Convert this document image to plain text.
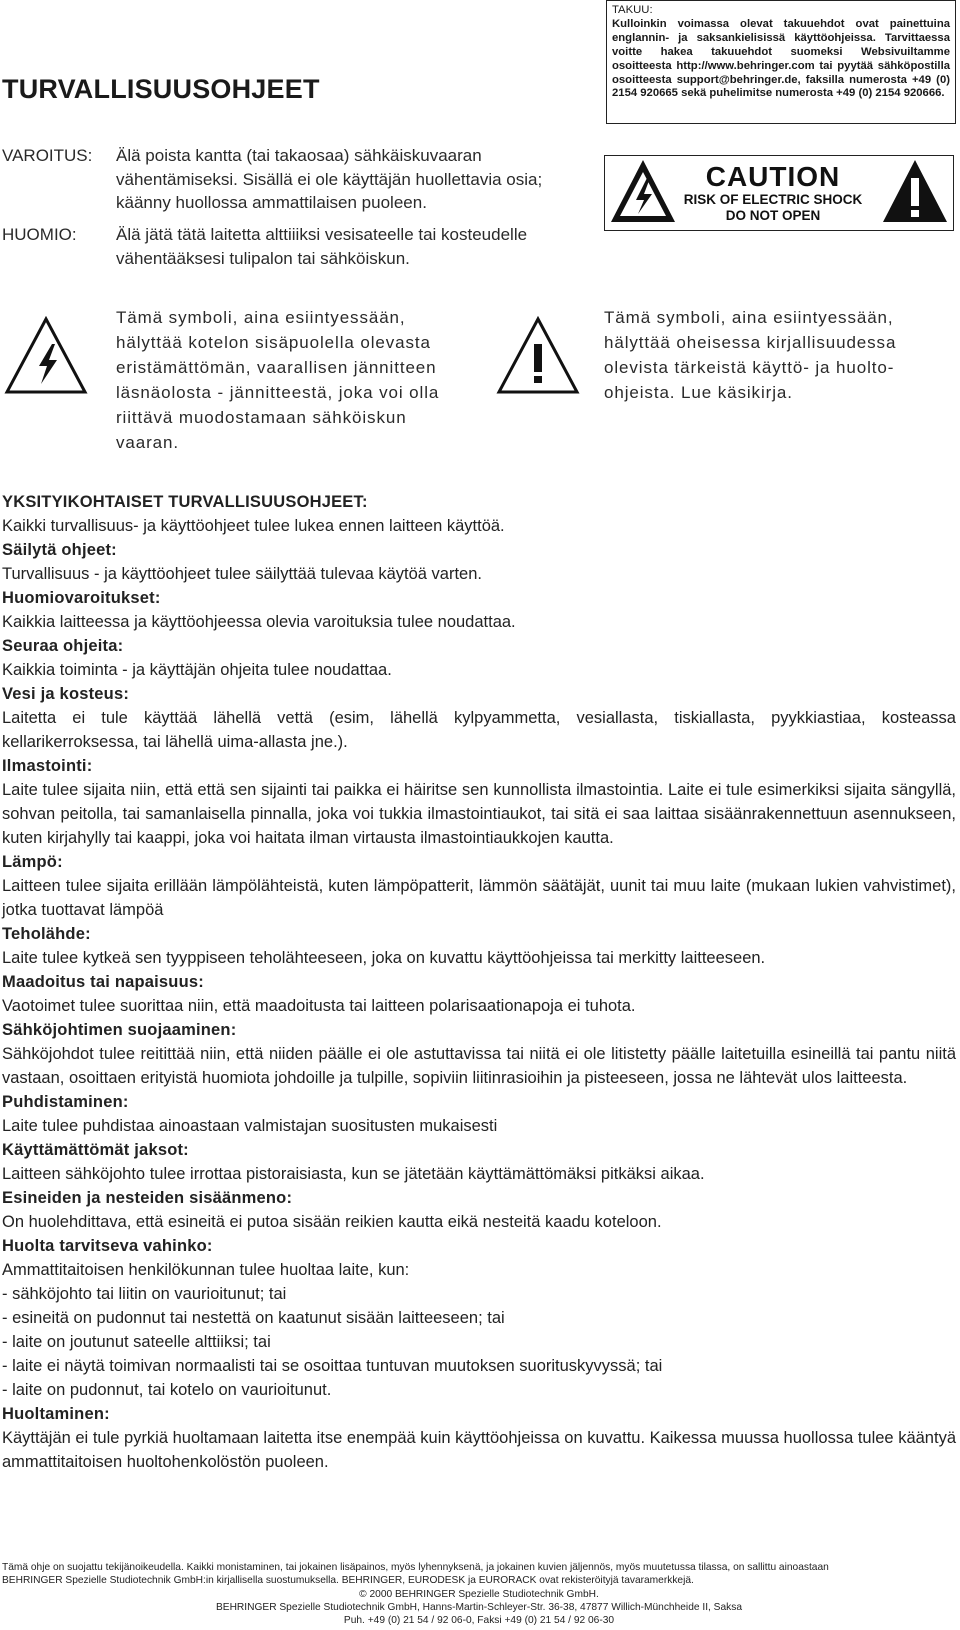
TURVALLISUUSOHJEET
TAKUU:
Kulloinkin voimassa olevat takuuehdot ovat painettuina englannin- ja saksankielisissä käyttöohjeissa. Tarvittaessa voitte hakea takuuehdot suomeksi Websivuiltamme osoitteesta http://www.behringer.com tai pyytää sähköpostilla osoitteesta support@behringer.de, faksilla numerosta +49 (0) 2154 920665 sekä puhelimitse numerosta +49 (0) 2154 920666.
VAROITUS: Älä poista kantta (tai takaosaa) sähkäiskuvaaran vähentämiseksi. Sisällä ei ole käyttäjän huollettavia osia; käänny huollossa ammattilaisen puoleen.
HUOMIO: Älä jätä tätä laitetta alttiiiksi vesisateelle tai kosteudelle vähentääksesi tulipalon tai sähköiskun.
CAUTION
RISK OF ELECTRIC SHOCK
DO NOT OPEN
Tämä symboli, aina esiintyessään, hälyttää kotelon sisäpuolella olevasta eristämättömän, vaarallisen jännitteen läsnäolosta - jännitteestä, joka voi olla riittävä muodostamaan sähköiskun vaaran.
Tämä symboli, aina esiintyessään, hälyttää oheisessa kirjallisuudessa olevista tärkeistä käyttö- ja huolto-ohjeista. Lue käsikirja.
YKSITYIKOHTAISET TURVALLISUUSOHJEET:

Kaikki turvallisuus- ja käyttöohjeet tulee lukea ennen laitteen käyttöä.

Säilytä ohjeet:

Turvallisuus - ja käyttöohjeet tulee säilyttää tulevaa käytöä varten.

Huomiovaroitukset:

Kaikkia laitteessa ja käyttöohjeessa olevia varoituksia tulee noudattaa.

Seuraa ohjeita:

Kaikkia toiminta - ja käyttäjän ohjeita tulee noudattaa.

Vesi ja kosteus:

Laitetta ei tule käyttää lähellä vettä (esim, lähellä kylpyammetta, vesiallasta, tiskiallasta, pyykkiastiaa, kosteassa kellarikerroksessa, tai lähellä uima-allasta jne.).

Ilmastointi:

Laite tulee sijaita niin, että että sen sijainti tai paikka ei häiritse sen kunnollista ilmastointia. Laite ei tule esimerkiksi sijaita sängyllä, sohvan peitolla, tai samanlaisella pinnalla, joka voi tukkia ilmastointiaukot, tai sitä ei saa laittaa sisäänrakennettuun asennukseen, kuten kirjahylly tai kaappi, joka voi haitata ilman virtausta ilmastointiaukkojen kautta.

Lämpö:

Laitteen tulee sijaita erillään lämpölähteistä, kuten lämpöpatterit, lämmön säätäjät, uunit tai muu laite (mukaan lukien vahvistimet), jotka tuottavat lämpöä

Teholähde:

Laite tulee kytkeä sen tyyppiseen teholähteeseen, joka on kuvattu käyttöohjeissa tai merkitty laitteeseen.

Maadoitus tai napaisuus:

Vaotoimet tulee suorittaa niin, että maadoitusta tai laitteen polarisaationapoja ei tuhota.

Sähköjohtimen suojaaminen:

Sähköjohdot tulee reitittää niin, että niiden päälle ei ole astuttavissa tai niitä ei ole litistetty päälle laitetuilla esineillä tai pantu niitä vastaan, osoittaen erityistä huomiota johdoille ja tulpille, sopiviin liitinrasioihin ja pisteeseen, jossa ne lähtevät ulos laitteesta.

Puhdistaminen:

Laite tulee puhdistaa ainoastaan valmistajan suositusten mukaisesti

Käyttämättömät jaksot:

Laitteen sähköjohto tulee irrottaa pistoraisiasta, kun se jätetään käyttämättömäksi pitkäksi aikaa.

Esineiden ja nesteiden sisäänmeno:

On huolehdittava, että esineitä ei putoa sisään reikien kautta eikä nesteitä kaadu koteloon.

Huolta tarvitseva vahinko:

Ammattitaitoisen henkilökunnan tulee huoltaa laite, kun:

- sähköjohto tai liitin on vaurioitunut; tai

- esineitä on pudonnut tai nestettä on kaatunut sisään laitteeseen; tai

- laite on joutunut sateelle alttiiksi; tai

- laite ei näytä toimivan normaalisti tai se osoittaa tuntuvan muutoksen suorituskyvyssä; tai

- laite on pudonnut, tai kotelo on vaurioitunut.

Huoltaminen:

Käyttäjän ei tule pyrkiä huoltamaan laitetta itse enempää kuin käyttöohjeissa on kuvattu. Kaikessa muussa huollossa tulee kääntyä ammattitaitoisen huoltohenkolöstön puoleen.

Tämä ohje on suojattu tekijänoikeudella. Kaikki monistaminen, tai jokainen lisäpainos, myös lyhennyksenä, ja jokainen kuvien jäljennös, myös muutetussa tilassa, on sallittu ainoastaan
BEHRINGER Spezielle Studiotechnik GmbH:in kirjallisella suostumuksella. BEHRINGER, EURODESK ja EURORACK ovat rekisteröityjä tavaramerkkejä.
© 2000 BEHRINGER Spezielle Studiotechnik GmbH.
BEHRINGER Spezielle Studiotechnik GmbH, Hanns-Martin-Schleyer-Str. 36-38, 47877 Willich-Münchheide II, Saksa
Puh. +49 (0) 21 54 / 92 06-0, Faksi +49 (0) 21 54 / 92 06-30
